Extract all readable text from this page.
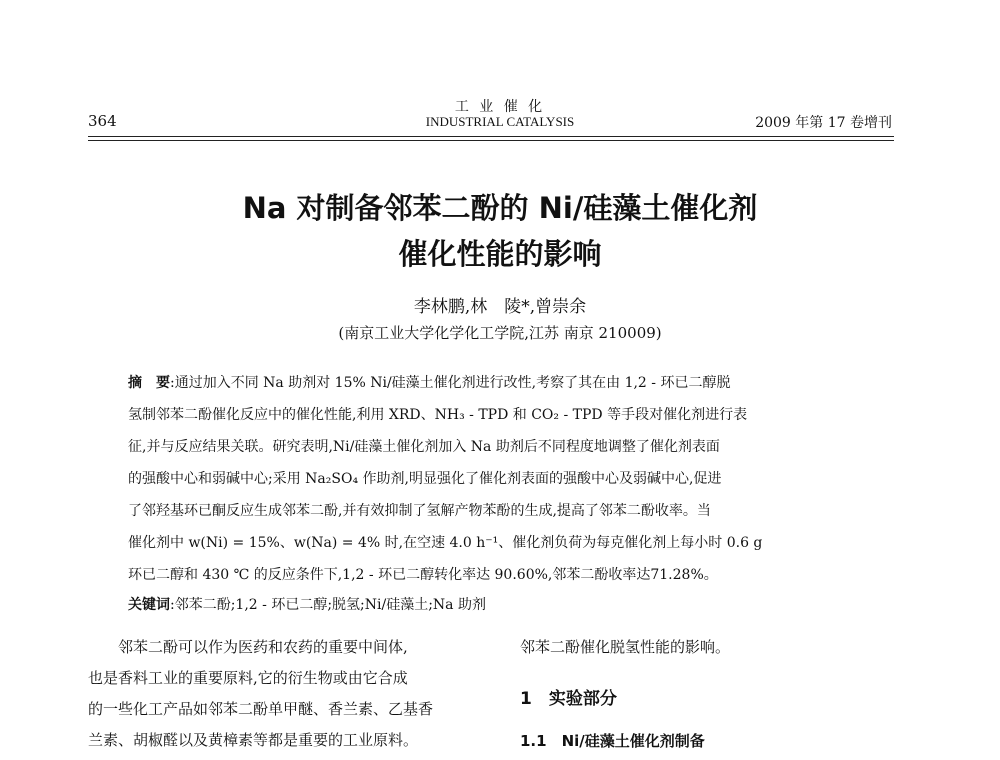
364
工 业 催 化
INDUSTRIAL CATALYSIS	2009 年第 17 卷增刊
Na 对制备邻苯二酚的 Ni/硅藻土催化剂
催化性能的影响
李林鹏,林　陵*,曾崇余
(南京工业大学化学化工学院,江苏 南京 210009)
摘　要:通过加入不同 Na 助剂对 15% Ni/硅藻土催化剂进行改性,考察了其在由 1,2 - 环已二醇脱
氢制邻苯二酚催化反应中的催化性能,利用 XRD、NH₃ - TPD 和 CO₂ - TPD 等手段对催化剂进行表
征,并与反应结果关联。研究表明,Ni/硅藻土催化剂加入 Na 助剂后不同程度地调整了催化剂表面
的强酸中心和弱碱中心;采用 Na₂SO₄ 作助剂,明显强化了催化剂表面的强酸中心及弱碱中心,促进
了邻羟基环已酮反应生成邻苯二酚,并有效抑制了氢解产物苯酚的生成,提高了邻苯二酚收率。当
催化剂中 w(Ni) = 15%、w(Na) = 4% 时,在空速 4.0 h⁻¹、催化剂负荷为每克催化剂上每小时 0.6 g
环已二醇和 430 ℃ 的反应条件下,1,2 - 环已二醇转化率达 90.60%,邻苯二酚收率达71.28%。
关键词:邻苯二酚;1,2 - 环已二醇;脱氢;Ni/硅藻土;Na 助剂
　　邻苯二酚可以作为医药和农药的重要中间体,
也是香料工业的重要原料,它的衍生物或由它合成
的一些化工产品如邻苯二酚单甲醚、香兰素、乙基香
兰素、胡椒醛以及黄樟素等都是重要的工业原料。
邻苯二酚催化脱氢性能的影响。
1　实验部分
1.1　Ni/硅藻土催化剂制备
